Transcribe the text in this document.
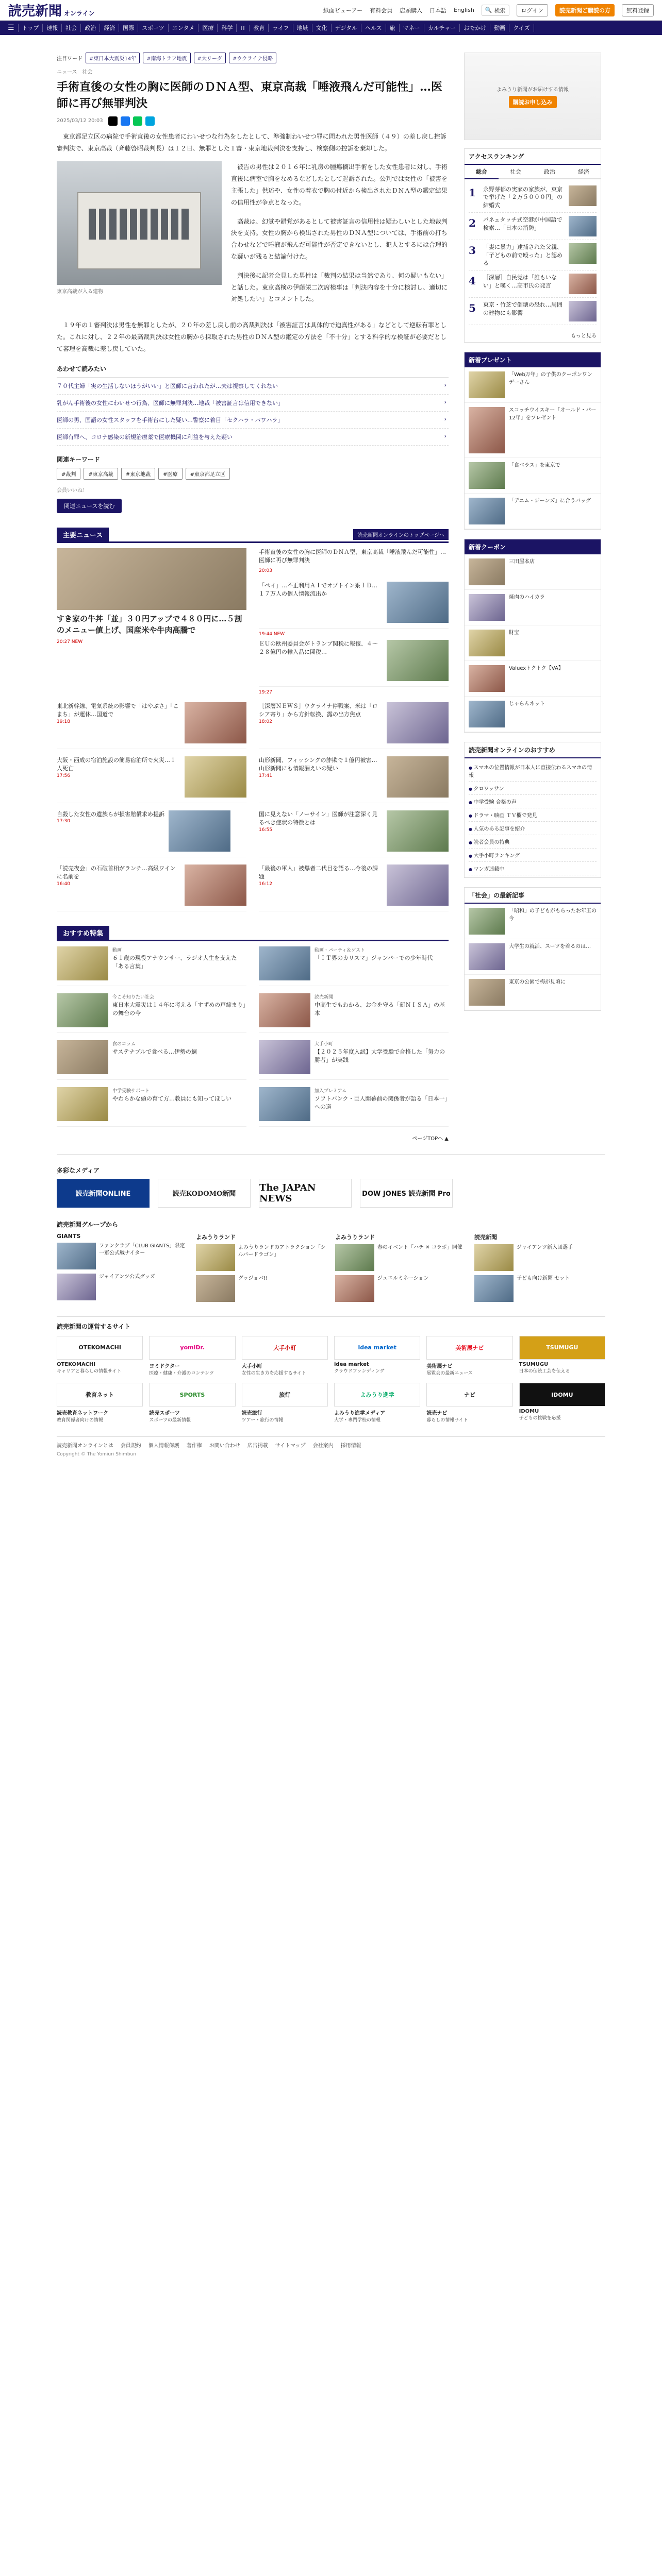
読売新聞 オンライン	紙面ビューアー 有料会員 店頭購入 日本語 English 🔍 検索	ログイン	読売新聞ご購読の方	無料登録
☰	トップ	速報	社会	政治	経済	国際	スポーツ	エンタメ	医療	科学	IT	教育	ライフ	地域	文化	デジタル	ヘルス	旅	マネー	カルチャー	おでかけ	動画	クイズ
注目ワード	#東日本大震災14年	#南海トラフ地震	#大リーグ	#ウクライナ侵略
ニュース　社会
手術直後の女性の胸に医師のＤＮＡ型、東京高裁「唾液飛んだ可能性」…医師に再び無罪判決
2025/03/12 20:03

東京都足立区の病院で手術直後の女性患者にわいせつな行為をしたとして、準強制わいせつ罪に問われた男性医師（４９）の差し戻し控訴審判決で、東京高裁（斉藤啓昭裁判長）は１２日、無罪とした１審・東京地裁判決を支持し、検察側の控訴を棄却した。

東京高裁が入る建物

被告の男性は２０１６年に乳房の腫瘍摘出手術をした女性患者に対し、手術直後に病室で胸をなめるなどしたとして起訴された。公判では女性の「被害を主張した」供述や、女性の着衣で胸の付近から検出されたＤＮＡ型の鑑定結果の信用性が争点となった。

高裁は、幻覚や錯覚があるとして被害証言の信用性は疑わしいとした地裁判決を支持。女性の胸から検出された男性のＤＮＡ型については、手術前の打ち合わせなどで唾液が飛んだ可能性が否定できないとし、犯人とするには合理的な疑いが残ると結論付けた。

判決後に記者会見した男性は「裁判の結果は当然であり、何の疑いもない」と話した。東京高検の伊藤栄二次席検事は「判決内容を十分に検討し、適切に対処したい」とコメントした。

１９年の１審判決は男性を無罪としたが、２０年の差し戻し前の高裁判決は「被害証言は具体的で迫真性がある」などとして逆転有罪とした。これに対し、２２年の最高裁判決は女性の胸から採取された男性のＤＮＡ型の鑑定の方法を「不十分」とする科学的な検証が必要だとして審理を高裁に差し戻していた。

あわせて読みたい
７０代主婦「実の生活しないほうがいい」と医師に言われたが…夫は視察してくれない ›
乳がん手術後の女性にわいせつ行為、医師に無罪判決…地裁「被害証言は信用できない」 ›
医師の男、国語の女性スタッフを手術台にした疑い…警察に着目「セクハラ・パワハラ」 ›
医師有罪へ、コロナ感染の新規治療薬で医療機関に利益を与えた疑い ›
関連キーワード
#裁判	#東京高裁	#東京地裁	#医療	#東京都足立区
会員いいね！
関連ニュースを読む
主要ニュース	読売新聞オンラインのトップページへ
すき家の牛丼「並」３０円アップで４８０円に…５割のメニュー値上げ、国産米や牛肉高騰で
20:27 NEW
手術直後の女性の胸に医師のＤＮＡ型、東京高裁「唾液飛んだ可能性」…医師に再び無罪判決
20:03
「ペイ」…不正利用ＡＩでオプトイン系ＩＤ…１７万人の個人情報流出か
19:44 NEW
ＥＵの欧州委員会がトランプ関税に報復、４～２８億円の輸入品に関税…
19:27
東北新幹線、電気系統の影響で「はやぶさ」「こまち」が運休…国道で
19:18
［深層ＮＥＷＳ］ウクライナ停戦案、米は「ロシア寄り」から方針転換、露の出方焦点
18:02
大阪・西成の宿泊施設の簡易宿泊所で火災…１人死亡
17:56
山形新聞、フィッシングの詐欺で１億円被害…山形新聞にも情報漏えいの疑い
17:41
自殺した女性の遺族らが損害賠償求め提訴
17:30
国に見えない「ノーサイン」医師が注意深く見るべき症状の特徴とは
16:55
「読売夜会」の石破首相がランチ…高級ワインに名前を
16:40
「最後の軍人」被爆者二代目を語る…今後の課題
16:12
おすすめ特集
動画
６１歳の現役アナウンサー、ラジオ人生を支えた「ある言葉」
動画・パーティ＆ゲスト
「ＩＴ界のカリスマ」ジャンパーでの少年時代
今こそ知りたい社会
東日本大震災は１４年に考える「すずめの戸締まり」の舞台の今
読売新聞
中高生でもわかる、お金を守る「新ＮＩＳＡ」の基本
食のコラム
サステナブルで食べる…伊勢の鯛
大手小町
【２０２５年度入試】大学受験で合格した「努力の勝者」が実践
中学受験サポート
やわらかな頭の育て方…教員にも知ってほしい
加入プレミアム
ソフトバンク・巨人開幕前の関係者が語る「日本一」への道
ページTOPへ ▲
よみうり新聞がお届けする情報
購読お申し込み
アクセスランキング
総合	社会	政治	経済
1	永野芽郁の実家の家族が、東京で挙げた「２万５０００円」の結婚式
2	パネェタッチ式空港が中国語で検索…「日本の消防」
3	「妻に暴力」逮捕された父親、「子どもの前で殴った」と認める
4	［深層］自民党は「誰もいない」と嘆く…高市氏の発言
5	東京・竹芝で倒壊の恐れ…周囲の建物にも影響
もっと見る
新着プレゼント
「Web万年」の子供のクーポンワンデーさん
スコッチウイスキー「オールド・パー 12年」をプレゼント
「食べラス」を東京で
「デニム・ジーンズ」に合うバッグ
新着クーポン
三田屋本店
焼肉のハイカラ
財宝
Valuexトクトク【VA】
じゃらんネット
読売新聞オンラインのおすすめ
● スマホの位置情報が日本人に直接伝わるスマホの情報
● クロワッサン
● 中学受験 合格の声
● ドラマ・映画 ＴＶ欄で発見
● 人気のある記事を紹介
● 読者会員の特典
● 大手小町ランキング
● マンガ連載中
「社会」の最新記事
「昭和」の子どもがもらったお年玉の今
大学生の就活、スーツを着るのは…
東京の公園で梅が見頃に
多彩なメディア
読売新聞ONLINE	読売KODOMO新聞
The JAPAN NEWS	DOW JONES 読売新聞 Pro
読売新聞グループから
GIANTS
ファンクラブ「CLUB GIANTS」限定 一軍公式戦ナイター
ジャイアンツ公式グッズ
よみうりランド
よみうりランドのアトラクション「シルバードラゴン」
グッジョバ!!
よみうりランド
春のイベント「ハチ ✕ コラボ」開催
ジュエルミネーション
読売新聞
ジャイアンツ新入団選手
子ども向け新聞 セット
読売新聞の運営するサイト
OTEKOMACHI
OTEKOMACHI
キャリアと暮らしの情報サイト
yomiDr.
ヨミドクター
医療・健康・介護のコンテンツ
大手小町
大手小町
女性の生き方を応援するサイト
idea market
idea market
クラウドファンディング
美術展ナビ
美術展ナビ
展覧会の最新ニュース
TSUMUGU
TSUMUGU
日本の伝統工芸を伝える
教育ネット
読売教育ネットワーク
教育関係者向けの情報
SPORTS
読売スポーツ
スポーツの最新情報
旅行
読売旅行
ツアー・旅行の情報
よみうり進学
よみうり進学メディア
大学・専門学校の情報
ナビ
読売ナビ
暮らしの情報サイト
IDOMU
IDOMU
子どもの挑戦を応援
読売新聞オンラインとは 会員規約 個人情報保護 著作権 お問い合わせ 広告掲載 サイトマップ 会社案内 採用情報
Copyright © The Yomiuri Shimbun
